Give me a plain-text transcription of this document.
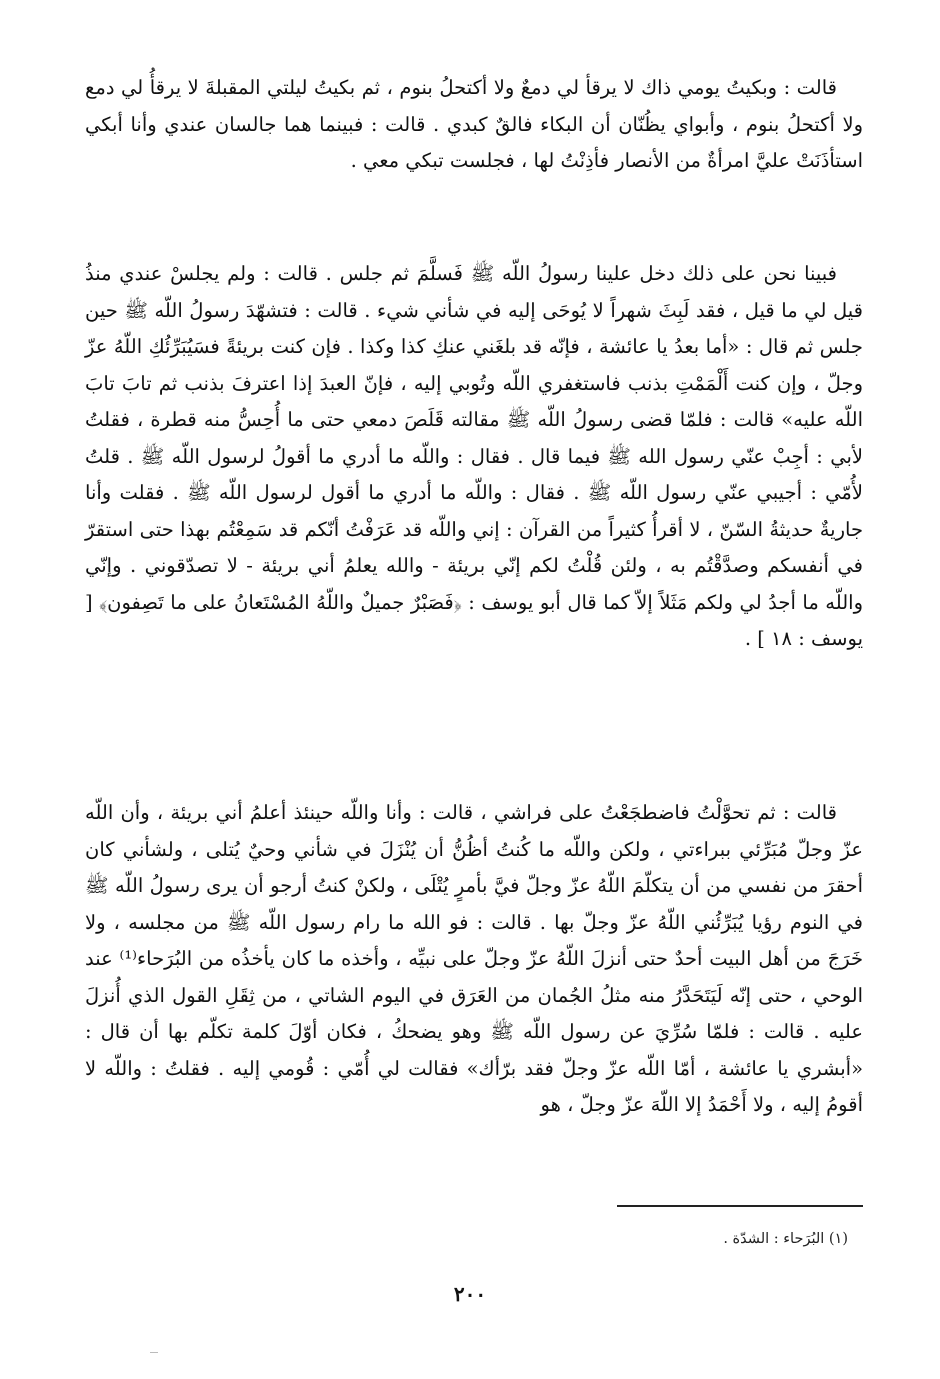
قالت : وبكيتُ يومي ذاك لا يرقأ لي دمعٌ ولا أكتحلُ بنوم ، ثم بكيتُ ليلتي المقبلةَ لا يرقأُ لي دمع ولا أكتحلُ بنوم ، وأبواي يظُنّان أن البكاء فالقٌ كبدي . قالت : فبينما هما جالسان عندي وأنا أبكي استأذَنَتْ عليَّ امرأةٌ من الأنصار فأذِنْتُ لها ، فجلست تبكي معي .

فبينا نحن على ذلك دخل علينا رسولُ اللّه ﷺ فَسلَّمَ ثم جلس . قالت : ولم يجلسْ عندي منذُ قيل لي ما قيل ، فقد لَبِثَ شهراً لا يُوحَى إليه في شأني شيء . قالت : فتشهّدَ رسولُ اللّه ﷺ حين جلس ثم قال : «أما بعدُ يا عائشة ، فإنّه قد بلغَني عنكِ كذا وكذا . فإن كنت بريئةً فسَيُبَرِّئُكِ اللّهُ عزّ وجلّ ، وإن كنت أَلْمَمْتِ بذنب فاستغفري اللّه وتُوبي إليه ، فإنّ العبدَ إذا اعترفَ بذنب ثم تابَ تابَ اللّه عليه» قالت : فلمّا قضى رسولُ اللّه ﷺ مقالته قَلَصَ دمعي حتى ما أُحِسُّ منه قطرة ، فقلتُ لأبي : أجِبْ عنّي رسول الله ﷺ فيما قال . فقال : واللّه ما أدري ما أقولُ لرسول اللّه ﷺ . قلتُ لأُمّي : أجيبي عنّي رسول اللّه ﷺ . فقال : واللّه ما أدري ما أقول لرسول اللّه ﷺ . فقلت وأنا جاريةٌ حديثةُ السّنّ ، لا أقرأُ كثيراً من القرآن : إني واللّه قد عَرَفْتُ أنّكم قد سَمِعْتُم بهذا حتى استقرّ في أنفسكم وصدَّقْتُم به ، ولئن قُلْتُ لكم إنّي بريئة - والله يعلمُ أني بريئة - لا تصدّقوني . وإنّي واللّه ما أجدُ لي ولكم مَثَلاً إلاّ كما قال أبو يوسف : ﴿فَصَبْرٌ جميلٌ واللّهُ المُسْتَعانُ على ما تَصِفون﴾ [ يوسف : ١٨ ] .

قالت : ثم تحوَّلْتُ فاضطجَعْتُ على فراشي ، قالت : وأنا واللّه حينئذ أعلمُ أني بريئة ، وأن اللّه عزّ وجلّ مُبَرِّئي ببراءتي ، ولكن واللّه ما كُنتُ أظُنُّ أن يُنْزَلَ في شأني وحيٌ يُتلى ، ولشأني كان أحقرَ من نفسي من أن يتكلّمَ اللّهُ عزّ وجلّ فيَّ بأمرٍ يُتْلَى ، ولكنْ كنتُ أرجو أن يرى رسولُ اللّه ﷺ في النوم رؤيا يُبَرِّئُني اللّهُ عزّ وجلّ بها . قالت : فو الله ما رام رسول اللّه ﷺ من مجلسه ، ولا خَرَجَ من أهل البيت أحدٌ حتى أنزلَ اللّهُ عزّ وجلّ على نبيِّه ، وأخذه ما كان يأخذُه من البُرَحاء⁽¹⁾ عند الوحي ، حتى إنّه لَيَتَحَدَّرُ منه مثلُ الجُمان من العَرَق في اليوم الشاتي ، من ثِقَلِ القول الذي أُنزلَ عليه . قالت : فلمّا سُرِّيَ عن رسول اللّه ﷺ وهو يضحكُ ، فكان أوّلَ كلمة تكلّم بها أن قال : «أبشري يا عائشة ، أمّا اللّه عزّ وجلّ فقد برّأك» فقالت لي أُمّي : قُومي إليه . فقلتُ : واللّه لا أقومُ إليه ، ولا أَحْمَدُ إلا اللّهَ عزّ وجلّ ، هو

(١) البُرَحاء : الشدّة .
٢٠٠
